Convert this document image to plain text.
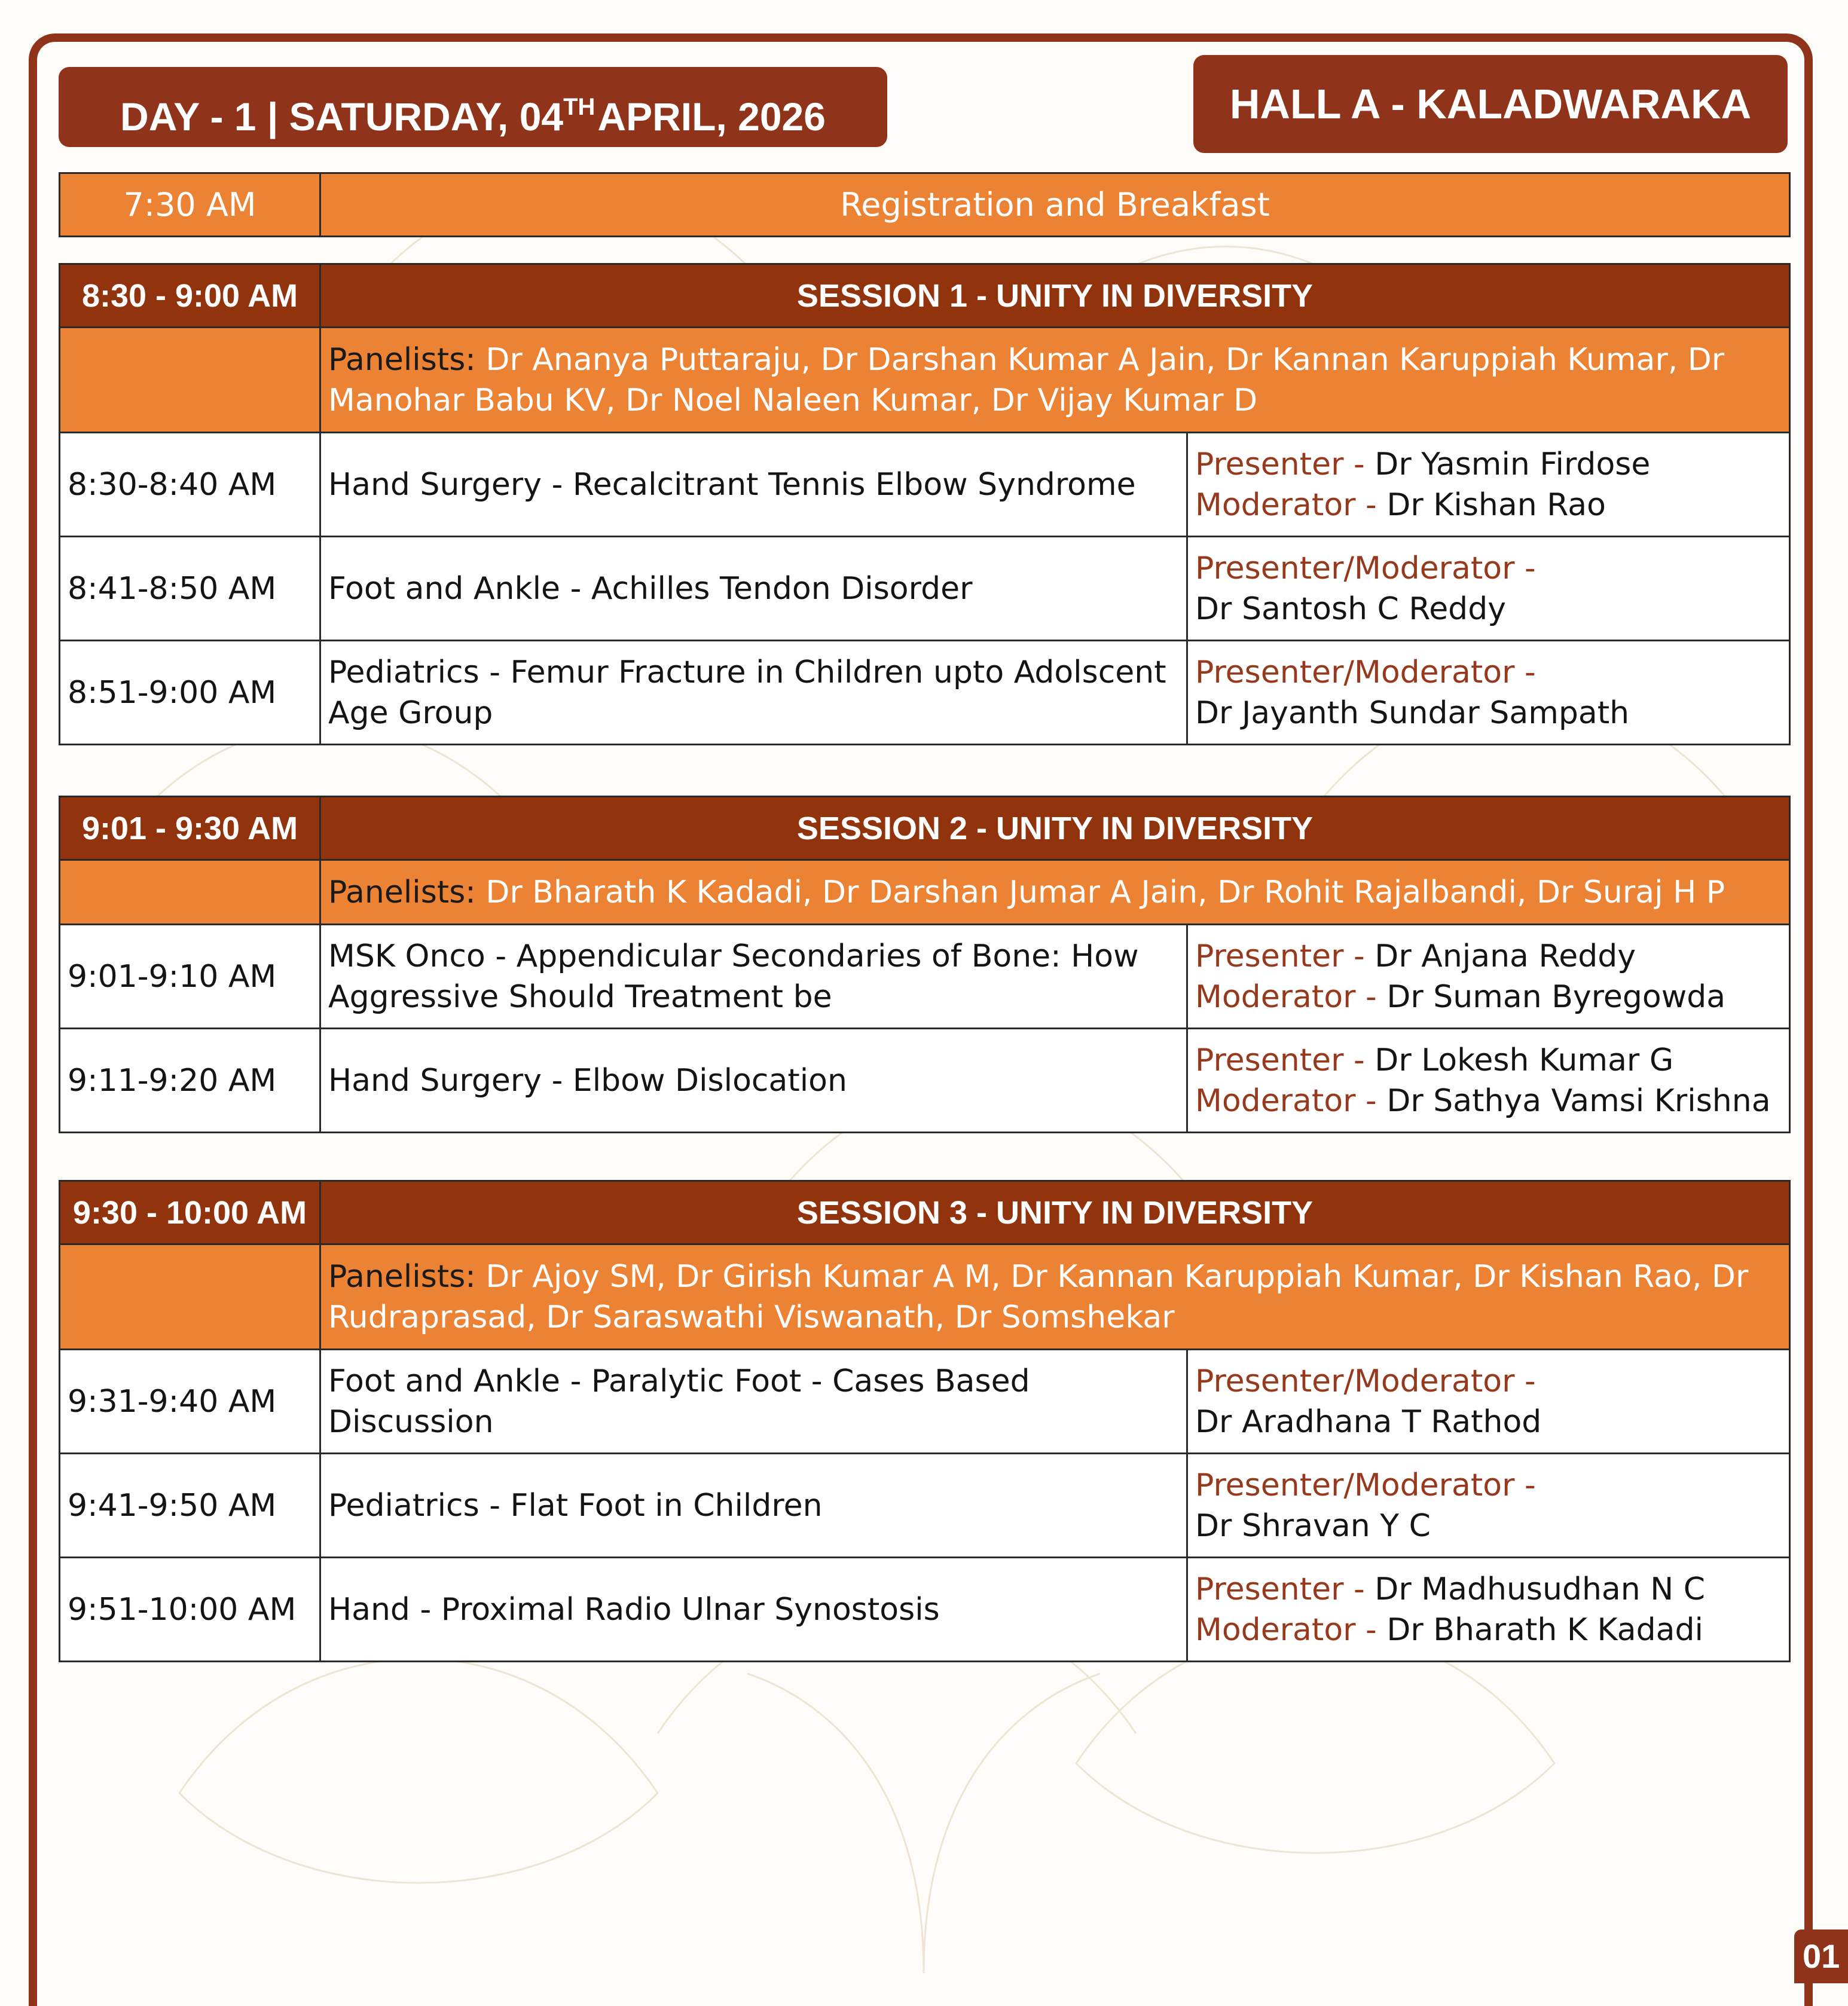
DAY - 1 | SATURDAY, 04THAPRIL, 2026	HALL A - KALADWARAKA
7:30 AM	Registration and Breakfast
8:30 - 9:00 AM	SESSION 1 - UNITY IN DIVERSITY	
	Panelists: Dr Ananya Puttaraju, Dr Darshan Kumar A Jain, Dr Kannan Karuppiah Kumar, Dr Manohar Babu KV, Dr Noel Naleen Kumar, Dr Vijay Kumar D	
8:30-8:40 AM	Hand Surgery - Recalcitrant Tennis Elbow Syndrome	Presenter - Dr Yasmin Firdose
Moderator - Dr Kishan Rao
8:41-8:50 AM	Foot and Ankle - Achilles Tendon Disorder	Presenter/Moderator -
Dr Santosh C Reddy
8:51-9:00 AM	Pediatrics - Femur Fracture in Children upto Adolscent Age Group	Presenter/Moderator -
Dr Jayanth Sundar Sampath
9:01 - 9:30 AM	SESSION 2 - UNITY IN DIVERSITY	
	Panelists: Dr Bharath K Kadadi, Dr Darshan Jumar A Jain, Dr Rohit Rajalbandi, Dr Suraj H P	
9:01-9:10 AM	MSK Onco - Appendicular Secondaries of Bone: How Aggressive Should Treatment be	Presenter - Dr Anjana Reddy
Moderator - Dr Suman Byregowda
9:11-9:20 AM	Hand Surgery - Elbow Dislocation	Presenter - Dr Lokesh Kumar G
Moderator - Dr Sathya Vamsi Krishna
9:30 - 10:00 AM	SESSION 3 - UNITY IN DIVERSITY	
	Panelists: Dr Ajoy SM, Dr Girish Kumar A M, Dr Kannan Karuppiah Kumar, Dr Kishan Rao, Dr Rudraprasad, Dr Saraswathi Viswanath, Dr Somshekar	
9:31-9:40 AM	Foot and Ankle - Paralytic Foot - Cases Based Discussion	Presenter/Moderator -
Dr Aradhana T Rathod
9:41-9:50 AM	Pediatrics - Flat Foot in Children	Presenter/Moderator -
Dr Shravan Y C
9:51-10:00 AM	Hand - Proximal Radio Ulnar Synostosis	Presenter - Dr Madhusudhan N C
Moderator - Dr Bharath K Kadadi
01
